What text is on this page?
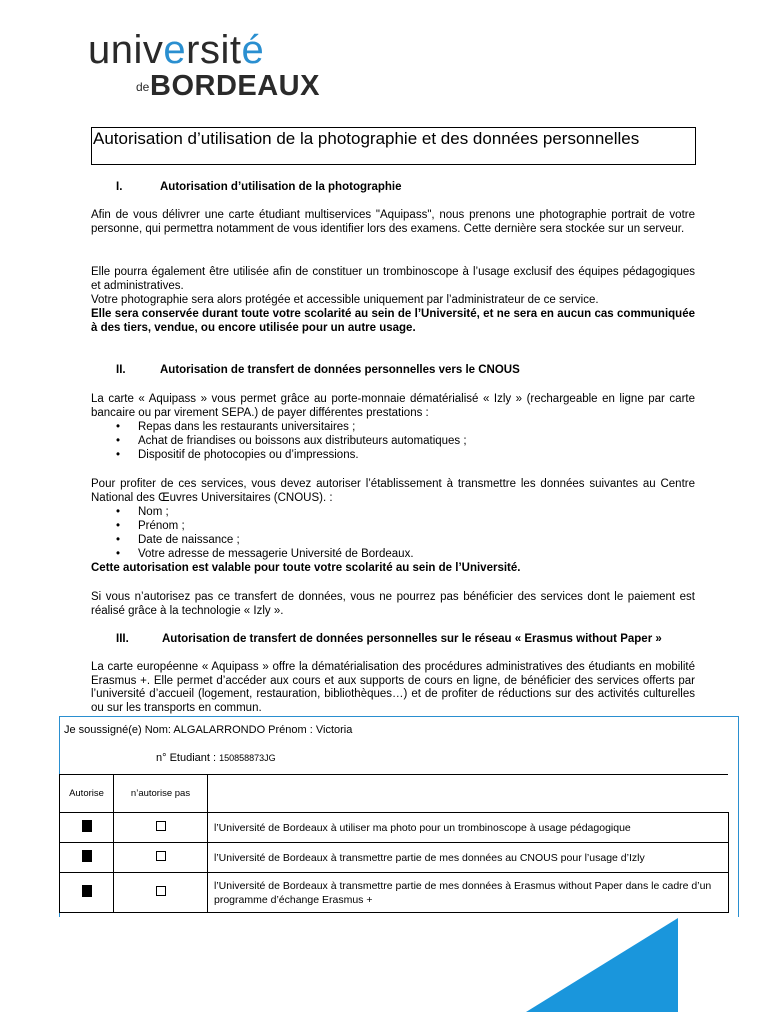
université
de BORDEAUX
Autorisation d’utilisation de la photographie et des données personnelles
I.	Autorisation d’utilisation de la photographie
Afin de vous délivrer une carte étudiant multiservices "Aquipass", nous prenons une photographie portrait de votre personne, qui permettra notamment de vous identifier lors des examens. Cette dernière sera stockée sur un serveur.
Elle pourra également être utilisée afin de constituer un trombinoscope à l’usage exclusif des équipes pédagogiques et administratives.
Votre photographie sera alors protégée et accessible uniquement par l’administrateur de ce service.
Elle sera conservée durant toute votre scolarité au sein de l’Université, et ne sera en aucun cas communiquée à des tiers, vendue, ou encore utilisée pour un autre usage.
II.	Autorisation de transfert de données personnelles vers le CNOUS
La carte « Aquipass » vous permet grâce au porte-monnaie dématérialisé « Izly » (rechargeable en ligne par carte bancaire ou par virement SEPA.) de payer différentes prestations :
• Repas dans les restaurants universitaires ;
• Achat de friandises ou boissons aux distributeurs automatiques ;
• Dispositif de photocopies ou d’impressions.
Pour profiter de ces services, vous devez autoriser l’établissement à transmettre les données suivantes au Centre National des Œuvres Universitaires (CNOUS). :
• Nom ;
• Prénom ;
• Date de naissance ;
• Votre adresse de messagerie Université de Bordeaux.
Cette autorisation est valable pour toute votre scolarité au sein de l’Université.
Si vous n’autorisez pas ce transfert de données, vous ne pourrez pas bénéficier des services dont le paiement est réalisé grâce à la technologie « Izly ».
III.	Autorisation de transfert de données personnelles sur le réseau « Erasmus without Paper »
La carte européenne « Aquipass » offre la dématérialisation des procédures administratives des étudiants en mobilité Erasmus +. Elle permet d’accéder aux cours et aux supports de cours en ligne, de bénéficier des services offerts par l’université d’accueil (logement, restauration, bibliothèques…) et de profiter de réductions sur des activités culturelles ou sur les transports en commun.
Je soussigné(e) Nom: ALGALARRONDO Prénom : Victoria
n° Etudiant : 150858873JG
Autorise	n’autorise pas	
		l’Université de Bordeaux à utiliser ma photo pour un trombinoscope à usage pédagogique
		l’Université de Bordeaux à transmettre partie de mes données au CNOUS pour l’usage d’Izly
		l’Université de Bordeaux à transmettre partie de mes données à Erasmus without Paper dans le cadre d’un programme d’échange Erasmus +
